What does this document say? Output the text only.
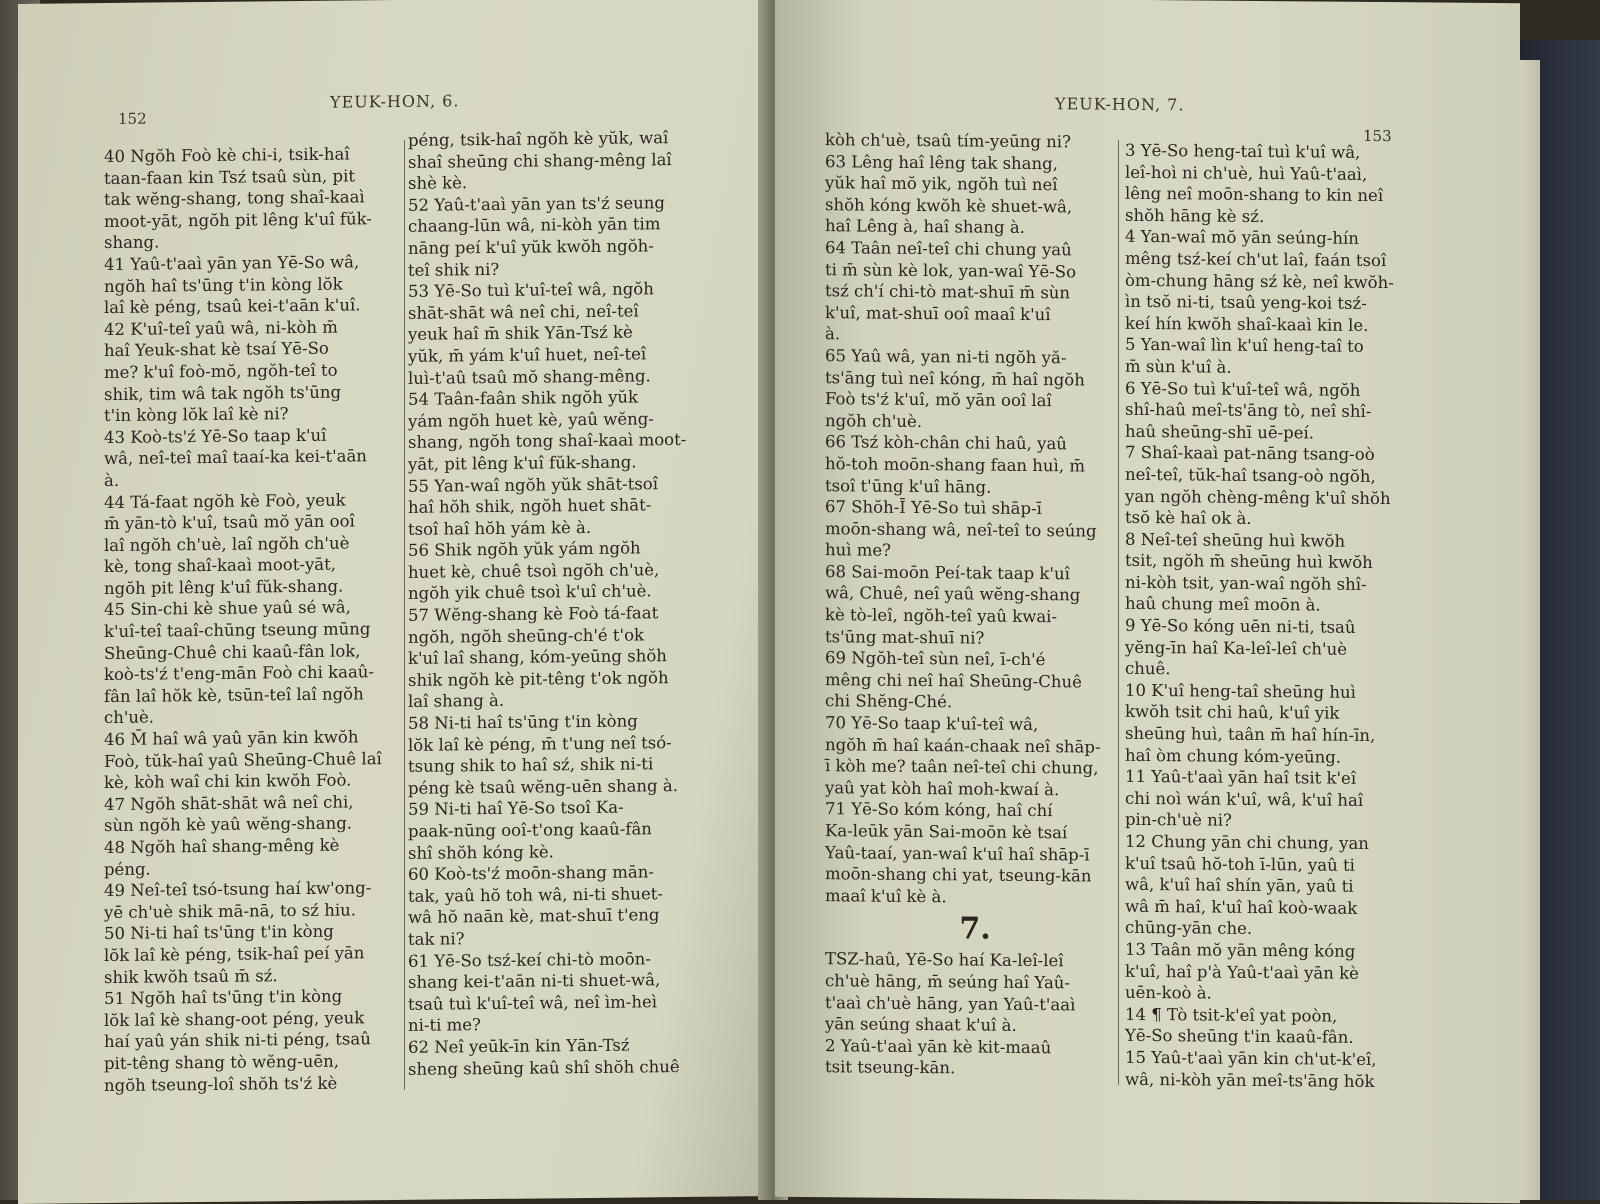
152
YEUK-HON, 6.

40 Ngŏh Foò kè chi-i, tsik-haî

taan-faan kin Tsź tsaû sùn, pit

tak wĕng-shang, tong shaî-kaaì

moot-yāt, ngŏh pit lêng k'uî fŭk-

shang.

41 Yaû-t'aaì yān yan Yē-So wâ,

ngŏh haî ts'ūng t'in kòng lŏk

laî kè péng, tsaû kei-t'aān k'uî.

42 K'uî-teî yaû wâ, ni-kòh m̄

haî Yeuk-shat kè tsaí Yē-So

me? k'uî foò-mŏ, ngŏh-teî to

shik, tim wâ tak ngŏh ts'ūng

t'in kòng lŏk laî kè ni?

43 Koò-ts'ź Yē-So taap k'uî

wâ, neî-teî maî taaí-ka kei-t'aān

à.

44 Tá-faat ngŏh kè Foò, yeuk

m̄ yān-tò k'uî, tsaû mŏ yān ooî

laî ngŏh ch'uè, laî ngŏh ch'uè

kè, tong shaî-kaaì moot-yāt,

ngŏh pit lêng k'uî fŭk-shang.

45 Sin-chi kè shue yaû sé wâ,

k'uî-teî taaî-chūng tseung mūng

Sheūng-Chuê chi kaaû-fân lok,

koò-ts'ź t'eng-mān Foò chi kaaû-

fân laî hŏk kè, tsūn-teî laî ngŏh

ch'uè.

46 M̄ haî wâ yaû yān kin kwŏh

Foò, tŭk-haî yaû Sheūng-Chuê laî

kè, kòh waî chi kin kwŏh Foò.

47 Ngŏh shāt-shāt wâ neî chi,

sùn ngŏh kè yaû wĕng-shang.

48 Ngŏh haî shang-mêng kè

péng.

49 Neî-teî tsó-tsung haí kw'ong-

yē ch'uè shik mā-nā, to sź hiu.

50 Ni-ti haî ts'ūng t'in kòng

lŏk laî kè péng, tsik-haî peí yān

shik kwŏh tsaû m̄ sź.

51 Ngŏh haî ts'ūng t'in kòng

lŏk laî kè shang-oot péng, yeuk

haí yaû yán shik ni-ti péng, tsaû

pit-têng shang tò wĕng-uēn,

ngŏh tseung-loî shŏh ts'ź kè

péng, tsik-haî ngŏh kè yŭk, waî

shaî sheūng chi shang-mêng laî

shè kè.

52 Yaû-t'aaì yān yan ts'ź seung

chaang-lūn wâ, ni-kòh yān tim

nāng peí k'uî yŭk kwŏh ngŏh-

teî shik ni?

53 Yē-So tuì k'uî-teî wâ, ngŏh

shāt-shāt wâ neî chi, neî-teî

yeuk haî m̄ shik Yān-Tsź kè

yŭk, m̄ yám k'uî huet, neî-teî

luì-t'aû tsaû mŏ shang-mêng.

54 Taân-faân shik ngŏh yŭk

yám ngŏh huet kè, yaû wĕng-

shang, ngŏh tong shaî-kaaì moot-

yāt, pit lêng k'uî fŭk-shang.

55 Yan-waî ngŏh yŭk shāt-tsoî

haî hŏh shik, ngŏh huet shāt-

tsoî haî hŏh yám kè à.

56 Shik ngŏh yŭk yám ngŏh

huet kè, chuê tsoì ngŏh ch'uè,

ngŏh yik chuê tsoì k'uî ch'uè.

57 Wĕng-shang kè Foò tá-faat

ngŏh, ngŏh sheūng-ch'é t'ok

k'uî laî shang, kóm-yeūng shŏh

shik ngŏh kè pit-têng t'ok ngŏh

laî shang à.

58 Ni-ti haî ts'ūng t'in kòng

lŏk laî kè péng, m̄ t'ung neî tsó-

tsung shik to haî sź, shik ni-ti

péng kè tsaû wĕng-uēn shang à.

59 Ni-ti haî Yē-So tsoî Ka-

paak-nūng ooî-t'ong kaaû-fân

shî shŏh kóng kè.

60 Koò-ts'ź moōn-shang mān-

tak, yaû hŏ toh wâ, ni-ti shuet-

wâ hŏ naān kè, mat-shuī t'eng

tak ni?

61 Yē-So tsź-keí chi-tò moōn-

shang kei-t'aān ni-ti shuet-wâ,

tsaû tuì k'uî-teî wâ, neî ìm-heì

ni-ti me?

62 Neî yeūk-īn kin Yān-Tsź

sheng sheūng kaû shî shŏh chuê

YEUK-HON, 7.
153

kòh ch'uè, tsaû tím-yeūng ni?

63 Lêng haî lêng tak shang,

yŭk haî mŏ yik, ngŏh tuì neî

shŏh kóng kwŏh kè shuet-wâ,

haî Lêng à, haî shang à.

64 Taân neî-teî chi chung yaû

ti m̄ sùn kè lok, yan-waî Yē-So

tsź ch'í chi-tò mat-shuī m̄ sùn

k'uî, mat-shuī ooî maaî k'uî

à.

65 Yaû wâ, yan ni-ti ngŏh yă-

ts'āng tuì neî kóng, m̄ haî ngŏh

Foò ts'ź k'uî, mŏ yān ooî laî

ngŏh ch'uè.

66 Tsź kòh-chân chi haû, yaû

hŏ-toh moōn-shang faan huì, m̄

tsoî t'ūng k'uî hāng.

67 Shŏh-Ī Yē-So tuì shāp-ī

moōn-shang wâ, neî-teî to seúng

huì me?

68 Sai-moōn Peí-tak taap k'uî

wâ, Chuê, neî yaû wĕng-shang

kè tò-leî, ngŏh-teî yaû kwai-

ts'ūng mat-shuī ni?

69 Ngŏh-teî sùn neî, ī-ch'é

mêng chi neî haî Sheūng-Chuê

chi Shĕng-Ché.

70 Yē-So taap k'uî-teî wâ,

ngŏh m̄ haî kaán-chaak neî shāp-

ī kòh me? taân neî-teî chi chung,

yaû yat kòh haî moh-kwaí à.

71 Yē-So kóm kóng, haî chí

Ka-leūk yān Sai-moōn kè tsaí

Yaû-taaí, yan-waî k'uî haî shāp-ī

moōn-shang chi yat, tseung-kān

maaî k'uî kè à.

7.

TSZ-haû, Yē-So haí Ka-leî-leî

ch'uè hāng, m̄ seúng haî Yaû-

t'aaì ch'uè hāng, yan Yaû-t'aaì

yān seúng shaat k'uî à.

2 Yaû-t'aaì yān kè kit-maaû

tsit tseung-kān.

3 Yē-So heng-taî tuì k'uî wâ,

leî-hoì ni ch'uè, huì Yaû-t'aaì,

lêng neî moōn-shang to kin neî

shŏh hāng kè sź.

4 Yan-waî mŏ yān seúng-hín

mêng tsź-keí ch'ut laî, faán tsoî

òm-chung hāng sź kè, neî kwŏh-

ìn tsŏ ni-ti, tsaû yeng-koi tsź-

keí hín kwŏh shaî-kaaì kin le.

5 Yan-waî lìn k'uî heng-taî to

m̄ sùn k'uî à.

6 Yē-So tuì k'uî-teî wâ, ngŏh

shî-haû meî-ts'āng tò, neî shî-

haû sheūng-shī uē-peí.

7 Shaî-kaaì pat-nāng tsang-oò

neî-teî, tŭk-haî tsang-oò ngŏh,

yan ngŏh chèng-mêng k'uî shŏh

tsŏ kè haî ok à.

8 Neî-teî sheūng huì kwŏh

tsit, ngŏh m̄ sheūng huì kwŏh

ni-kòh tsit, yan-waî ngŏh shî-

haû chung meî moōn à.

9 Yē-So kóng uēn ni-ti, tsaû

yĕng-īn haî Ka-leî-leî ch'uè

chuê.

10 K'uî heng-taî sheūng huì

kwŏh tsit chi haû, k'uî yik

sheūng huì, taân m̄ haî hín-īn,

haî òm chung kóm-yeūng.

11 Yaû-t'aaì yān haî tsit k'eî

chi noì wán k'uî, wâ, k'uî haî

pin-ch'uè ni?

12 Chung yān chi chung, yan

k'uî tsaû hŏ-toh ī-lūn, yaû ti

wâ, k'uî haî shín yān, yaû ti

wâ m̄ haî, k'uî haî koò-waak

chūng-yān che.

13 Taân mŏ yān mêng kóng

k'uî, haî p'à Yaû-t'aaì yān kè

uēn-koò à.

14 ¶ Tò tsit-k'eî yat poòn,

Yē-So sheūng t'in kaaû-fân.

15 Yaû-t'aaì yān kin ch'ut-k'eî,

wâ, ni-kòh yān meî-ts'āng hŏk
